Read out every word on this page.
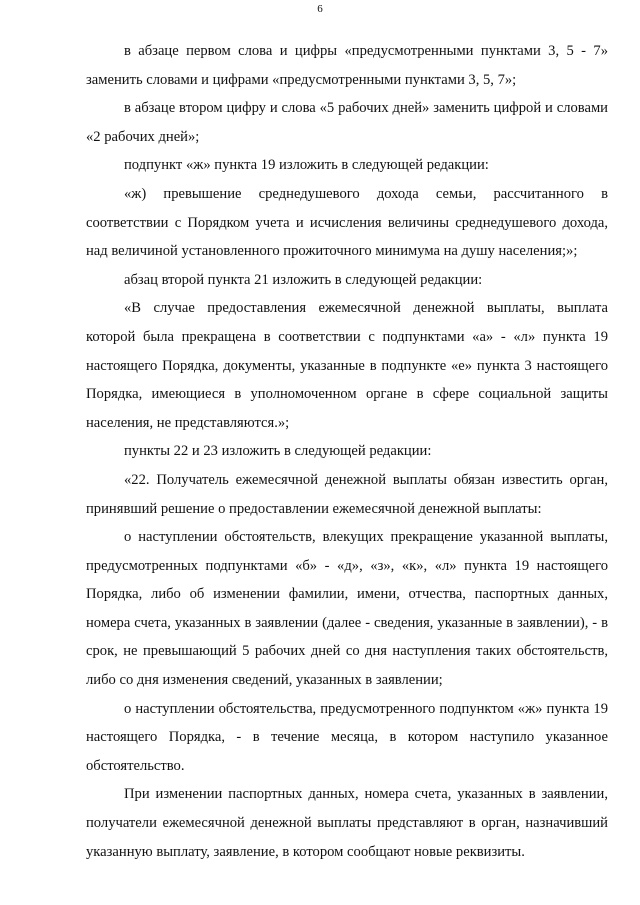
6

в абзаце первом слова и цифры «предусмотренными пунктами 3, 5 - 7» заменить словами и цифрами «предусмотренными пунктами 3, 5, 7»;

в абзаце втором цифру и слова «5 рабочих дней» заменить цифрой и словами «2 рабочих дней»;

подпункт «ж» пункта 19 изложить в следующей редакции:

«ж) превышение среднедушевого дохода семьи, рассчитанного в соответствии с Порядком учета и исчисления величины среднедушевого дохода, над величиной установленного прожиточного минимума на душу населения;»;

абзац второй пункта 21 изложить в следующей редакции:

«В случае предоставления ежемесячной денежной выплаты, выплата которой была прекращена в соответствии с подпунктами «а» - «л» пункта 19 настоящего Порядка, документы, указанные в подпункте «е» пункта 3 настоящего Порядка, имеющиеся в уполномоченном органе в сфере социальной защиты населения, не представляются.»;

пункты 22 и 23 изложить в следующей редакции:

«22. Получатель ежемесячной денежной выплаты обязан известить орган, принявший решение о предоставлении ежемесячной денежной выплаты:

о наступлении обстоятельств, влекущих прекращение указанной выплаты, предусмотренных подпунктами «б» - «д», «з», «к», «л» пункта 19 настоящего Порядка, либо об изменении фамилии, имени, отчества, паспортных данных, номера счета, указанных в заявлении (далее - сведения, указанные в заявлении), - в срок, не превышающий 5 рабочих дней со дня наступления таких обстоятельств, либо со дня изменения сведений, указанных в заявлении;

о наступлении обстоятельства, предусмотренного подпунктом «ж» пункта 19 настоящего Порядка, - в течение месяца, в котором наступило указанное обстоятельство.

При изменении паспортных данных, номера счета, указанных в заявлении, получатели ежемесячной денежной выплаты представляют в орган, назначивший указанную выплату, заявление, в котором сообщают новые реквизиты.
